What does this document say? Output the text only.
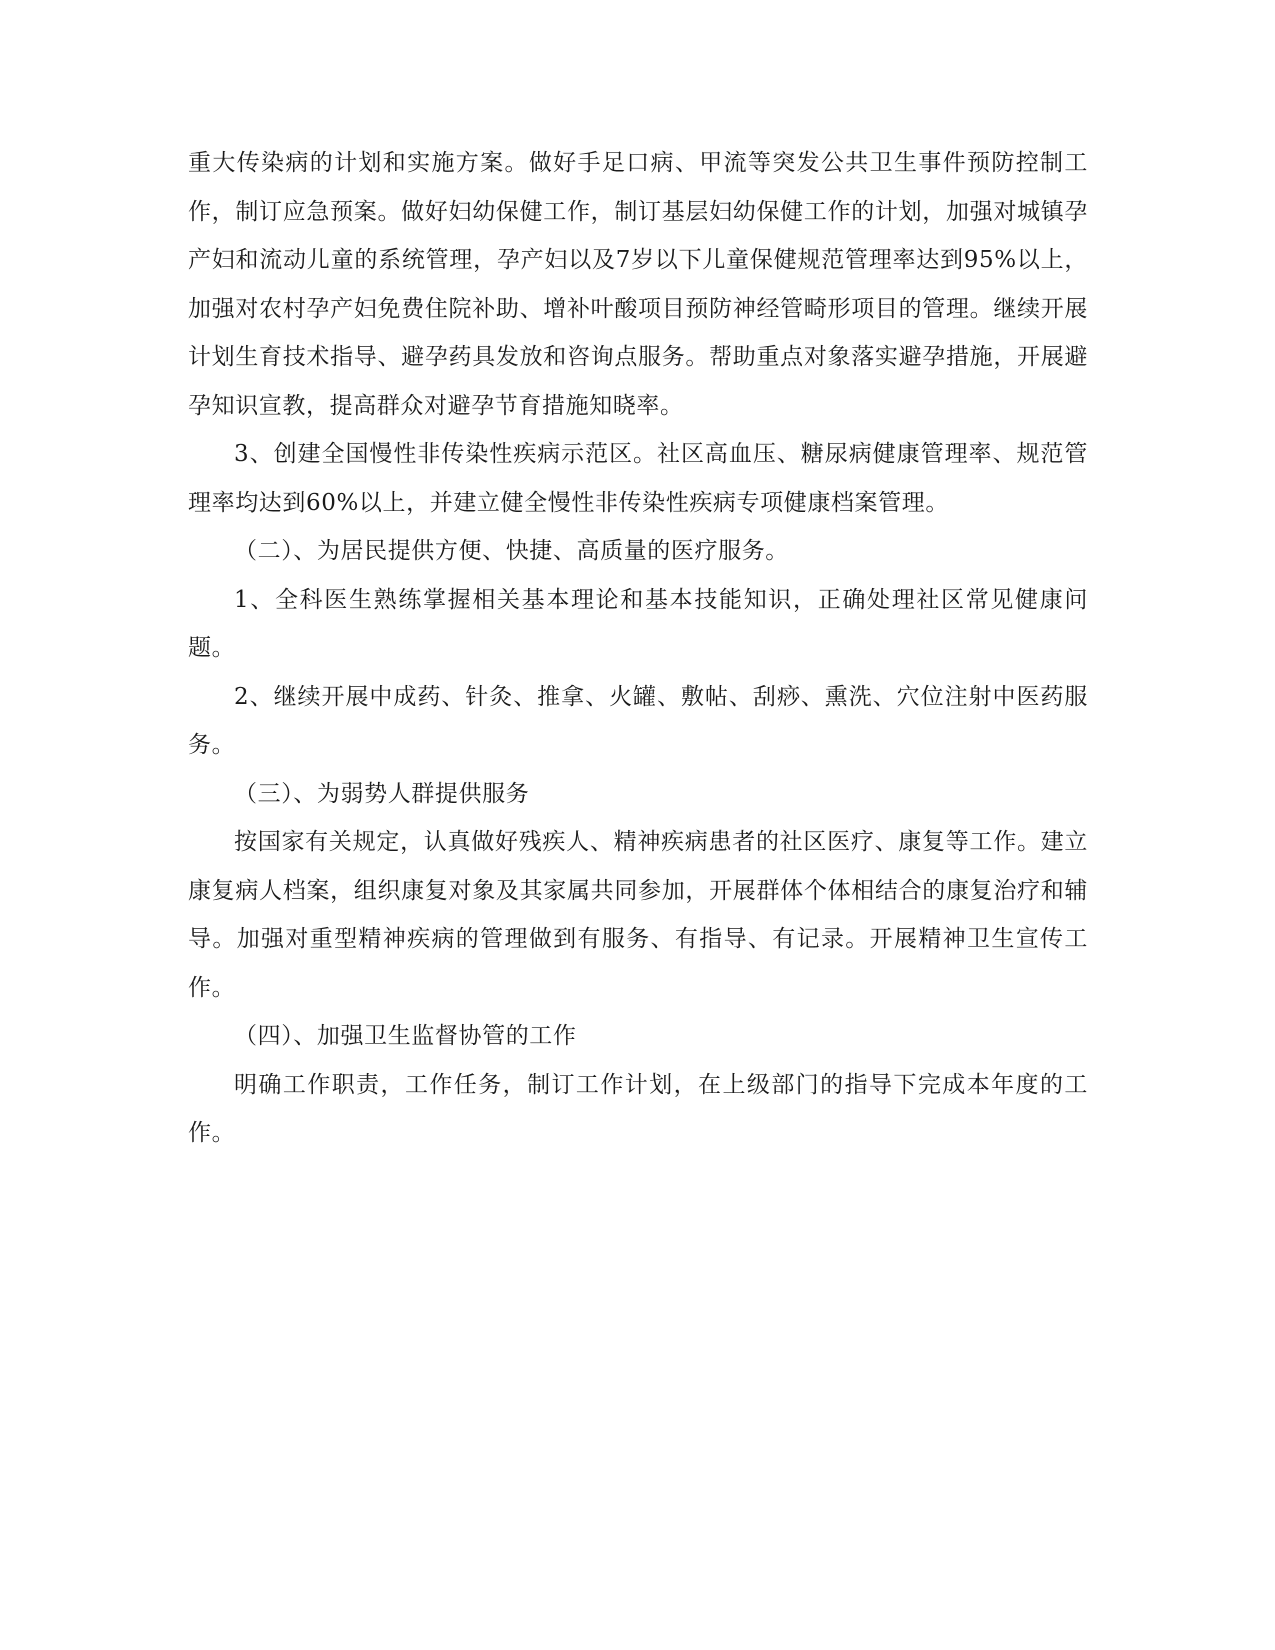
重大传染病的计划和实施方案。做好手足口病、甲流等突发公共卫生事件预防控制工作，制订应急预案。做好妇幼保健工作，制订基层妇幼保健工作的计划，加强对城镇孕产妇和流动儿童的系统管理，孕产妇以及7岁以下儿童保健规范管理率达到95%以上，加强对农村孕产妇免费住院补助、增补叶酸项目预防神经管畸形项目的管理。继续开展计划生育技术指导、避孕药具发放和咨询点服务。帮助重点对象落实避孕措施，开展避孕知识宣教，提高群众对避孕节育措施知晓率。

3、创建全国慢性非传染性疾病示范区。社区高血压、糖尿病健康管理率、规范管理率均达到60%以上，并建立健全慢性非传染性疾病专项健康档案管理。

（二）、为居民提供方便、快捷、高质量的医疗服务。

1、全科医生熟练掌握相关基本理论和基本技能知识，正确处理社区常见健康问题。

2、继续开展中成药、针灸、推拿、火罐、敷帖、刮痧、熏洗、穴位注射中医药服务。

（三）、为弱势人群提供服务

按国家有关规定，认真做好残疾人、精神疾病患者的社区医疗、康复等工作。建立康复病人档案，组织康复对象及其家属共同参加，开展群体个体相结合的康复治疗和辅导。加强对重型精神疾病的管理做到有服务、有指导、有记录。开展精神卫生宣传工作。

（四）、加强卫生监督协管的工作

明确工作职责，工作任务，制订工作计划，在上级部门的指导下完成本年度的工作。
